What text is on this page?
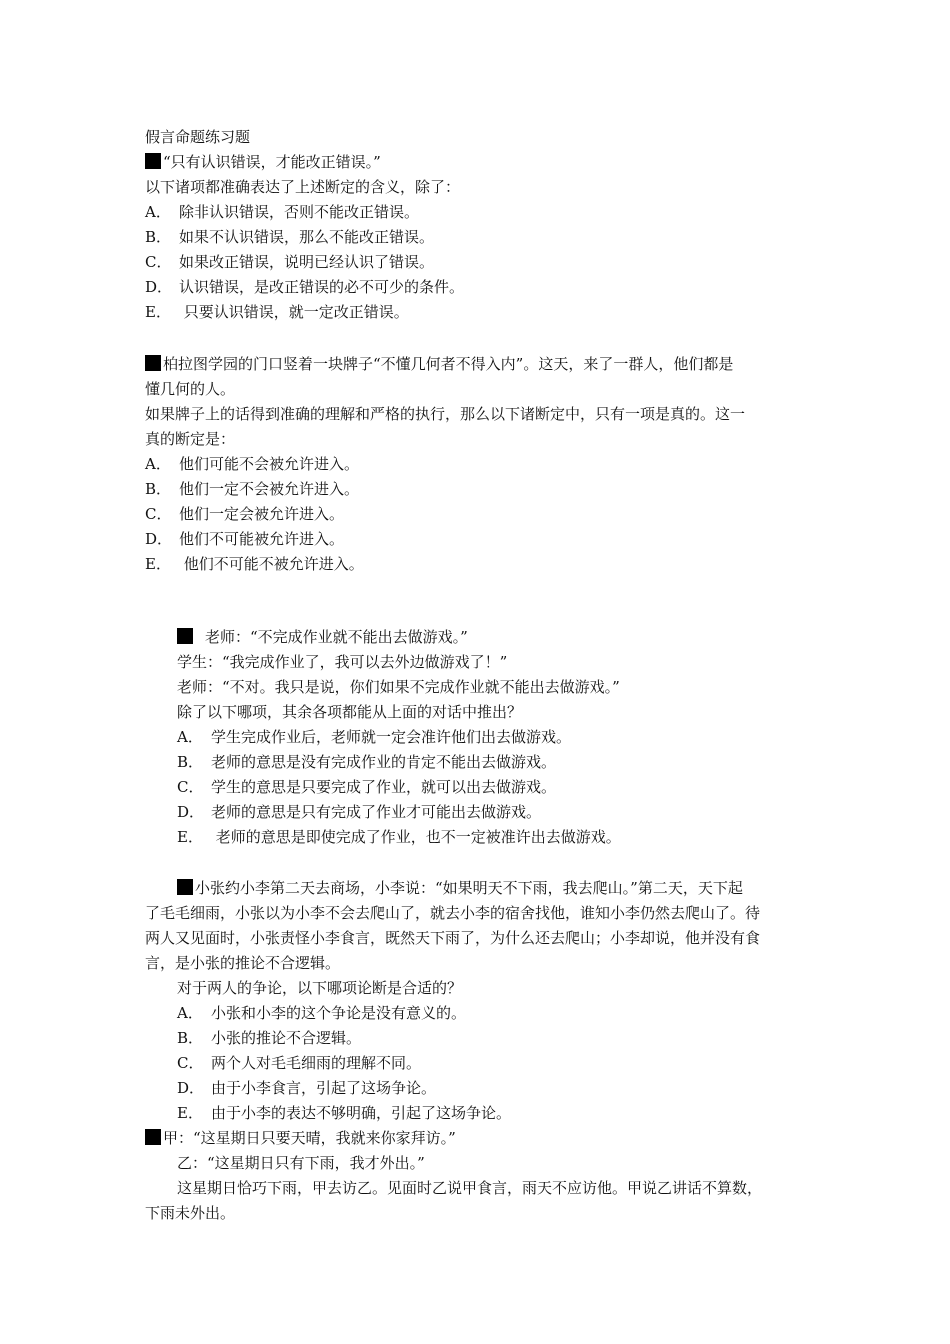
假言命题练习题
“只有认识错误，才能改正错误。”
以下诸项都准确表达了上述断定的含义，除了：
A． 除非认识错误，否则不能改正错误。
B． 如果不认识错误，那么不能改正错误。
C． 如果改正错误，说明已经认识了错误。
D． 认识错误，是改正错误的必不可少的条件。
E． 只要认识错误，就一定改正错误。
柏拉图学园的门口竖着一块牌子“不懂几何者不得入内”。这天，来了一群人，他们都是
懂几何的人。
如果牌子上的话得到准确的理解和严格的执行，那么以下诸断定中，只有一项是真的。这一
真的断定是：
A． 他们可能不会被允许进入。
B． 他们一定不会被允许进入。
C． 他们一定会被允许进入。
D． 他们不可能被允许进入。
E． 他们不可能不被允许进入。
老师：“不完成作业就不能出去做游戏。”
学生：“我完成作业了，我可以去外边做游戏了！”
老师：“不对。我只是说，你们如果不完成作业就不能出去做游戏。”
除了以下哪项，其余各项都能从上面的对话中推出？
A． 学生完成作业后，老师就一定会准许他们出去做游戏。
B． 老师的意思是没有完成作业的肯定不能出去做游戏。
C． 学生的意思是只要完成了作业，就可以出去做游戏。
D． 老师的意思是只有完成了作业才可能出去做游戏。
E． 老师的意思是即使完成了作业，也不一定被准许出去做游戏。
小张约小李第二天去商场，小李说：“如果明天不下雨，我去爬山。”第二天，天下起
了毛毛细雨，小张以为小李不会去爬山了，就去小李的宿舍找他，谁知小李仍然去爬山了。待
两人又见面时，小张责怪小李食言，既然天下雨了，为什么还去爬山；小李却说，他并没有食
言，是小张的推论不合逻辑。
对于两人的争论，以下哪项论断是合适的？
A． 小张和小李的这个争论是没有意义的。
B． 小张的推论不合逻辑。
C． 两个人对毛毛细雨的理解不同。
D． 由于小李食言，引起了这场争论。
E． 由于小李的表达不够明确，引起了这场争论。
甲：“这星期日只要天晴，我就来你家拜访。”
乙：“这星期日只有下雨，我才外出。”
这星期日恰巧下雨，甲去访乙。见面时乙说甲食言，雨天不应访他。甲说乙讲话不算数，
下雨未外出。
